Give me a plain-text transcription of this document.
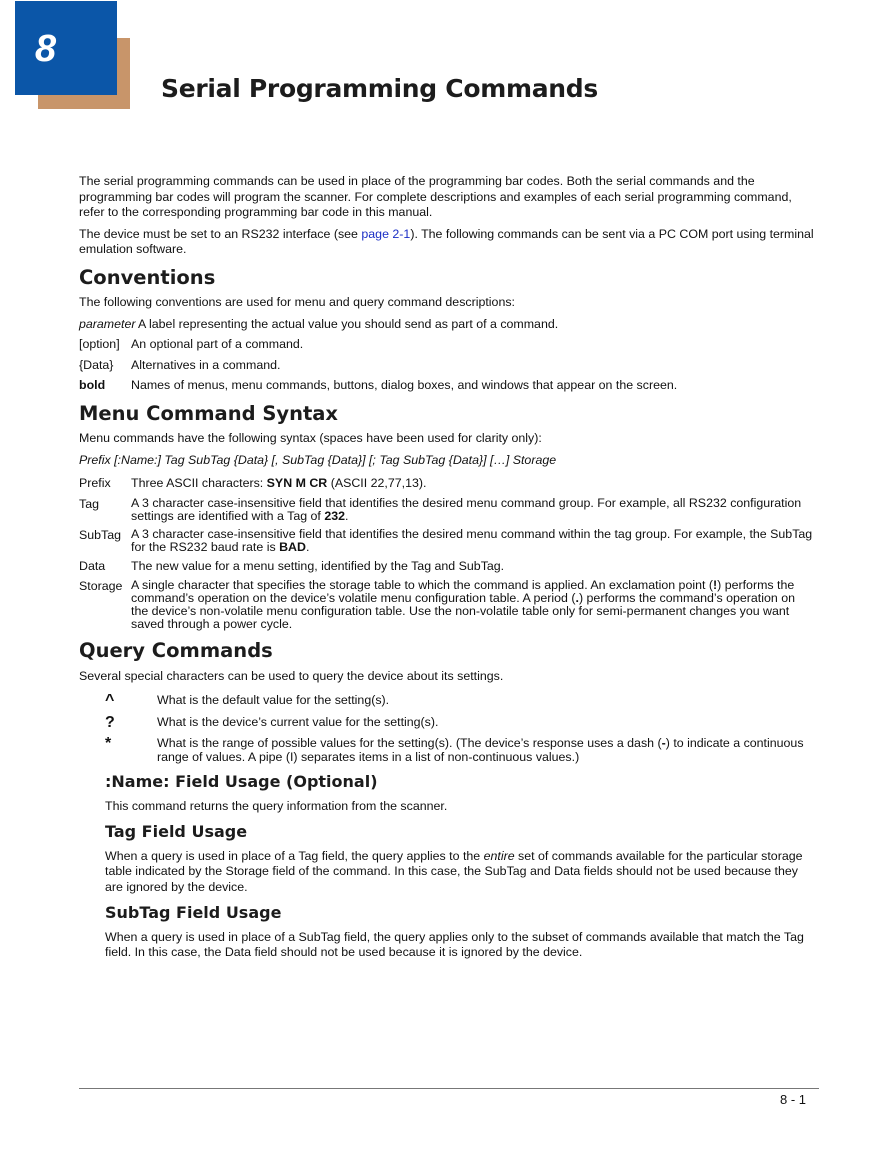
8
Serial Programming Commands

The serial programming commands can be used in place of the programming bar codes. Both the serial commands and the programming bar codes will program the scanner. For complete descriptions and examples of each serial programming command, refer to the corresponding programming bar code in this manual.

The device must be set to an RS232 interface (see page 2-1). The following commands can be sent via a PC COM port using terminal emulation software.

Conventions

The following conventions are used for menu and query command descriptions:

parameter A label representing the actual value you should send as part of a command.
[option] An optional part of a command.
{Data}	Alternatives in a command.
bold	Names of menus, menu commands, buttons, dialog boxes, and windows that appear on the screen.
Menu Command Syntax

Menu commands have the following syntax (spaces have been used for clarity only):

Prefix [:Name:] Tag SubTag {Data} [, SubTag {Data}] [; Tag SubTag {Data}] […] Storage

Prefix	Three ASCII characters: SYN M CR (ASCII 22,77,13).
Tag	A 3 character case-insensitive field that identifies the desired menu command group. For example, all RS232 configuration settings are identified with a Tag of 232.
SubTag A 3 character case-insensitive field that identifies the desired menu command within the tag group. For example, the SubTag for the RS232 baud rate is BAD.
Data	The new value for a menu setting, identified by the Tag and SubTag.
Storage A single character that specifies the storage table to which the command is applied. An exclamation point (!) performs the command’s operation on the device’s volatile menu configuration table. A period (.) performs the command’s operation on the device’s non-volatile menu configuration table. Use the non-volatile table only for semi-permanent changes you want saved through a power cycle.
Query Commands

Several special characters can be used to query the device about its settings.

^	What is the default value for the setting(s).
?	What is the device’s current value for the setting(s).
*	What is the range of possible values for the setting(s). (The device’s response uses a dash (-) to indicate a continuous range of values. A pipe (I) separates items in a list of non-continuous values.)
:Name: Field Usage (Optional)

This command returns the query information from the scanner.

Tag Field Usage

When a query is used in place of a Tag field, the query applies to the entire set of commands available for the particular storage table indicated by the Storage field of the command. In this case, the SubTag and Data fields should not be used because they are ignored by the device.

SubTag Field Usage

When a query is used in place of a SubTag field, the query applies only to the subset of commands available that match the Tag field. In this case, the Data field should not be used because it is ignored by the device.

8 - 1
